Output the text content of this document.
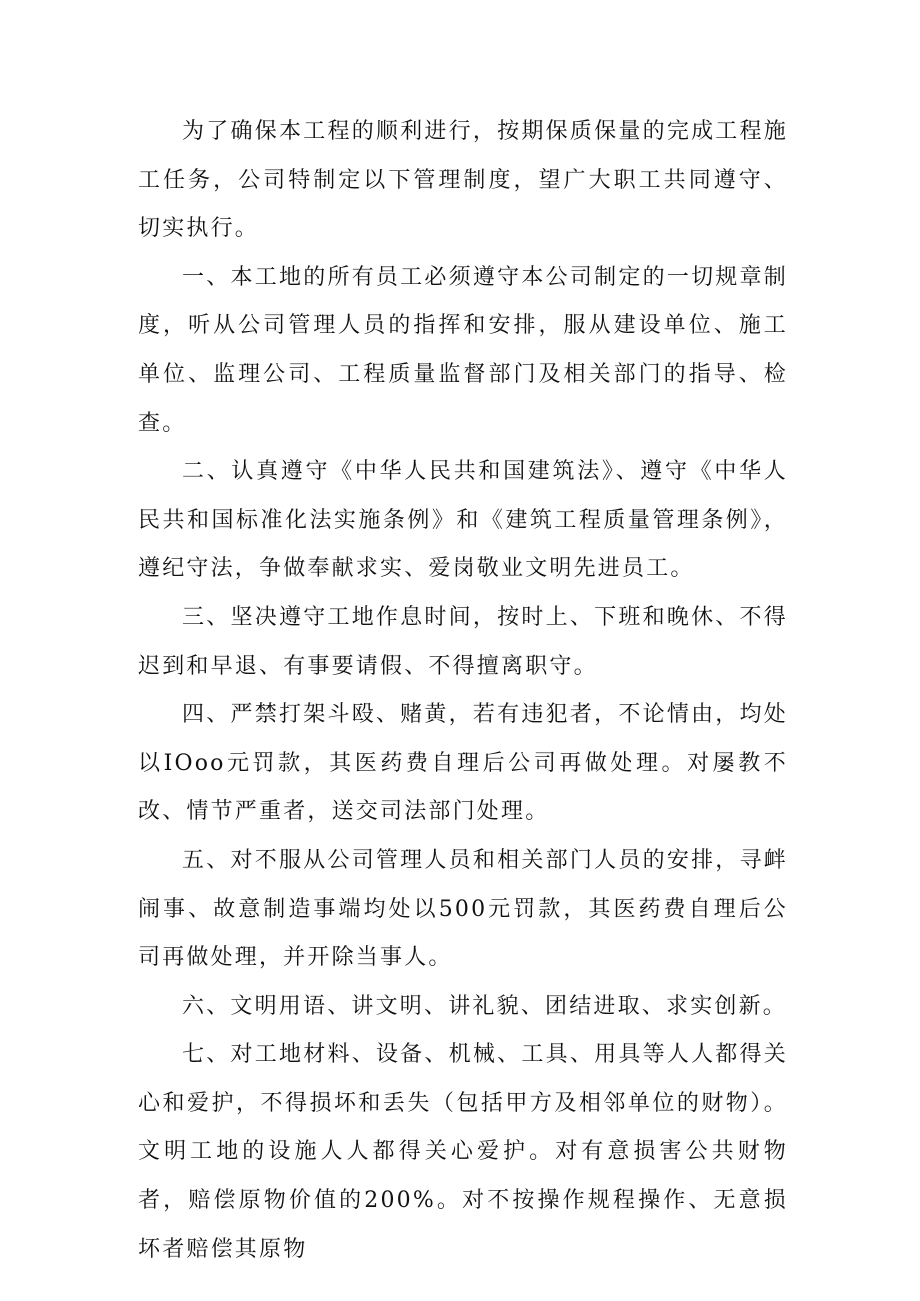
为了确保本工程的顺利进行，按期保质保量的完成工程施工任务，公司特制定以下管理制度，望广大职工共同遵守、切实执行。

一、本工地的所有员工必须遵守本公司制定的一切规章制度，听从公司管理人员的指挥和安排，服从建设单位、施工单位、监理公司、工程质量监督部门及相关部门的指导、检查。

二、认真遵守《中华人民共和国建筑法》、遵守《中华人民共和国标准化法实施条例》和《建筑工程质量管理条例》，遵纪守法，争做奉献求实、爱岗敬业文明先进员工。

三、坚决遵守工地作息时间，按时上、下班和晚休、不得迟到和早退、有事要请假、不得擅离职守。

四、严禁打架斗殴、赌黄，若有违犯者，不论情由，均处以IOoo元罚款，其医药费自理后公司再做处理。对屡教不改、情节严重者，送交司法部门处理。

五、对不服从公司管理人员和相关部门人员的安排，寻衅闹事、故意制造事端均处以500元罚款，其医药费自理后公司再做处理，并开除当事人。

六、文明用语、讲文明、讲礼貌、团结进取、求实创新。

七、对工地材料、设备、机械、工具、用具等人人都得关心和爱护，不得损坏和丢失（包括甲方及相邻单位的财物）。文明工地的设施人人都得关心爱护。对有意损害公共财物者，赔偿原物价值的200%。对不按操作规程操作、无意损坏者赔偿其原物
